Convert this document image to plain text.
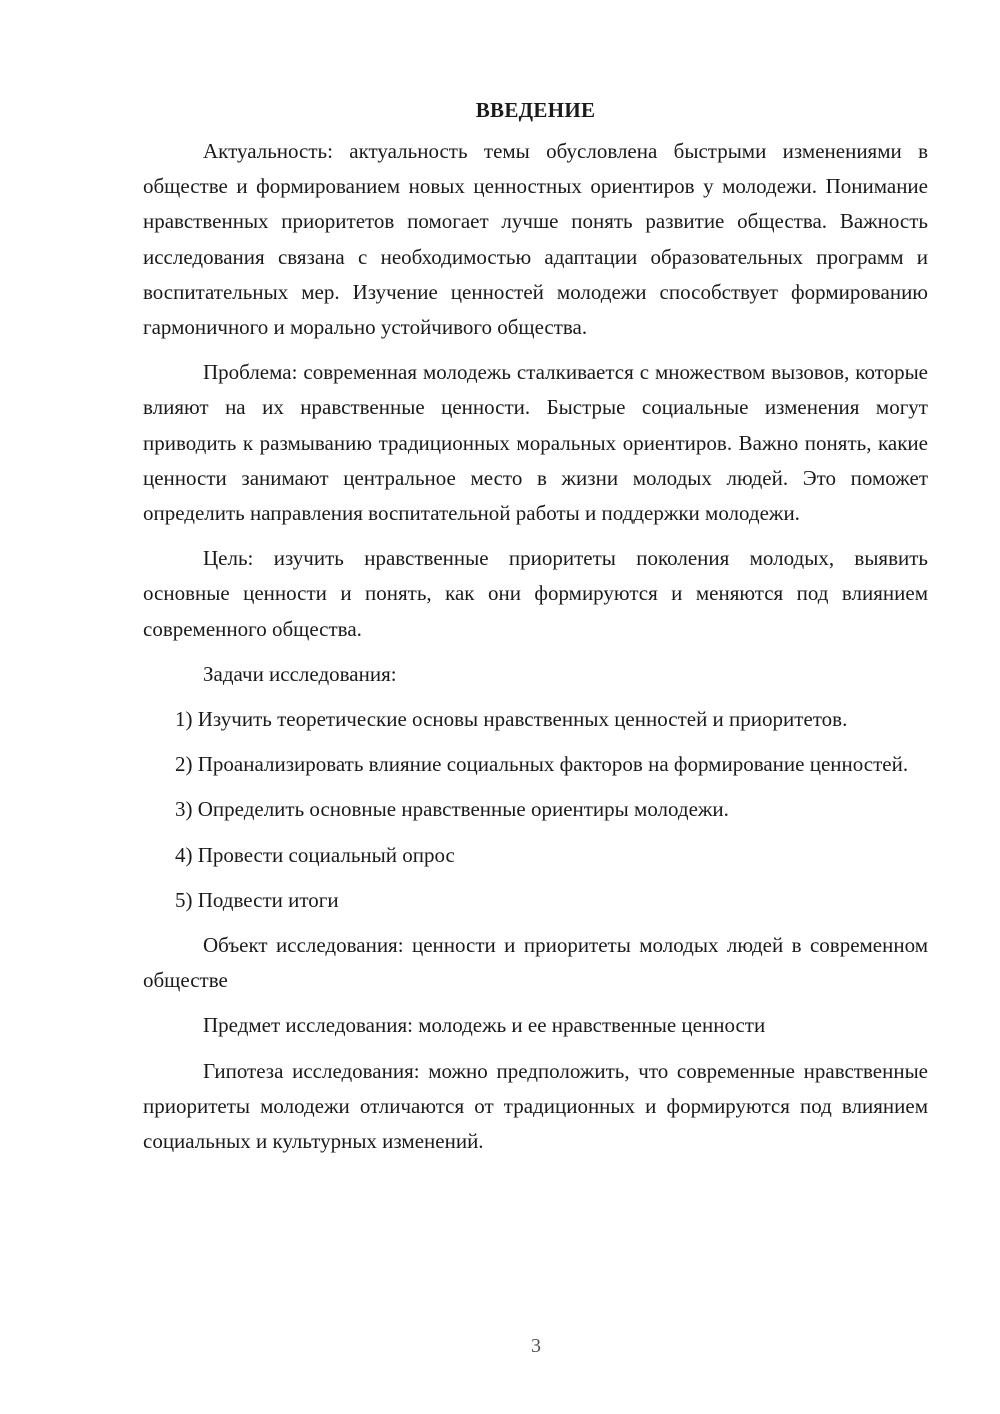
ВВЕДЕНИЕ

Актуальность: актуальность темы обусловлена быстрыми изменениями в обществе и формированием новых ценностных ориентиров у молодежи. Понимание нравственных приоритетов помогает лучше понять развитие общества. Важность исследования связана с необходимостью адаптации образовательных программ и воспитательных мер. Изучение ценностей молодежи способствует формированию гармоничного и морально устойчивого общества.

Проблема: современная молодежь сталкивается с множеством вызовов, которые влияют на их нравственные ценности. Быстрые социальные изменения могут приводить к размыванию традиционных моральных ориентиров. Важно понять, какие ценности занимают центральное место в жизни молодых людей. Это поможет определить направления воспитательной работы и поддержки молодежи.

Цель: изучить нравственные приоритеты поколения молодых, выявить основные ценности и понять, как они формируются и меняются под влиянием современного общества.

Задачи исследования:

1) Изучить теоретические основы нравственных ценностей и приоритетов.

2) Проанализировать влияние социальных факторов на формирование ценностей.

3) Определить основные нравственные ориентиры молодежи.

4) Провести социальный опрос

5) Подвести итоги

Объект исследования: ценности и приоритеты молодых людей в современном обществе

Предмет исследования: молодежь и ее нравственные ценности

Гипотеза исследования: можно предположить, что современные нравственные приоритеты молодежи отличаются от традиционных и формируются под влиянием социальных и культурных изменений.

3
